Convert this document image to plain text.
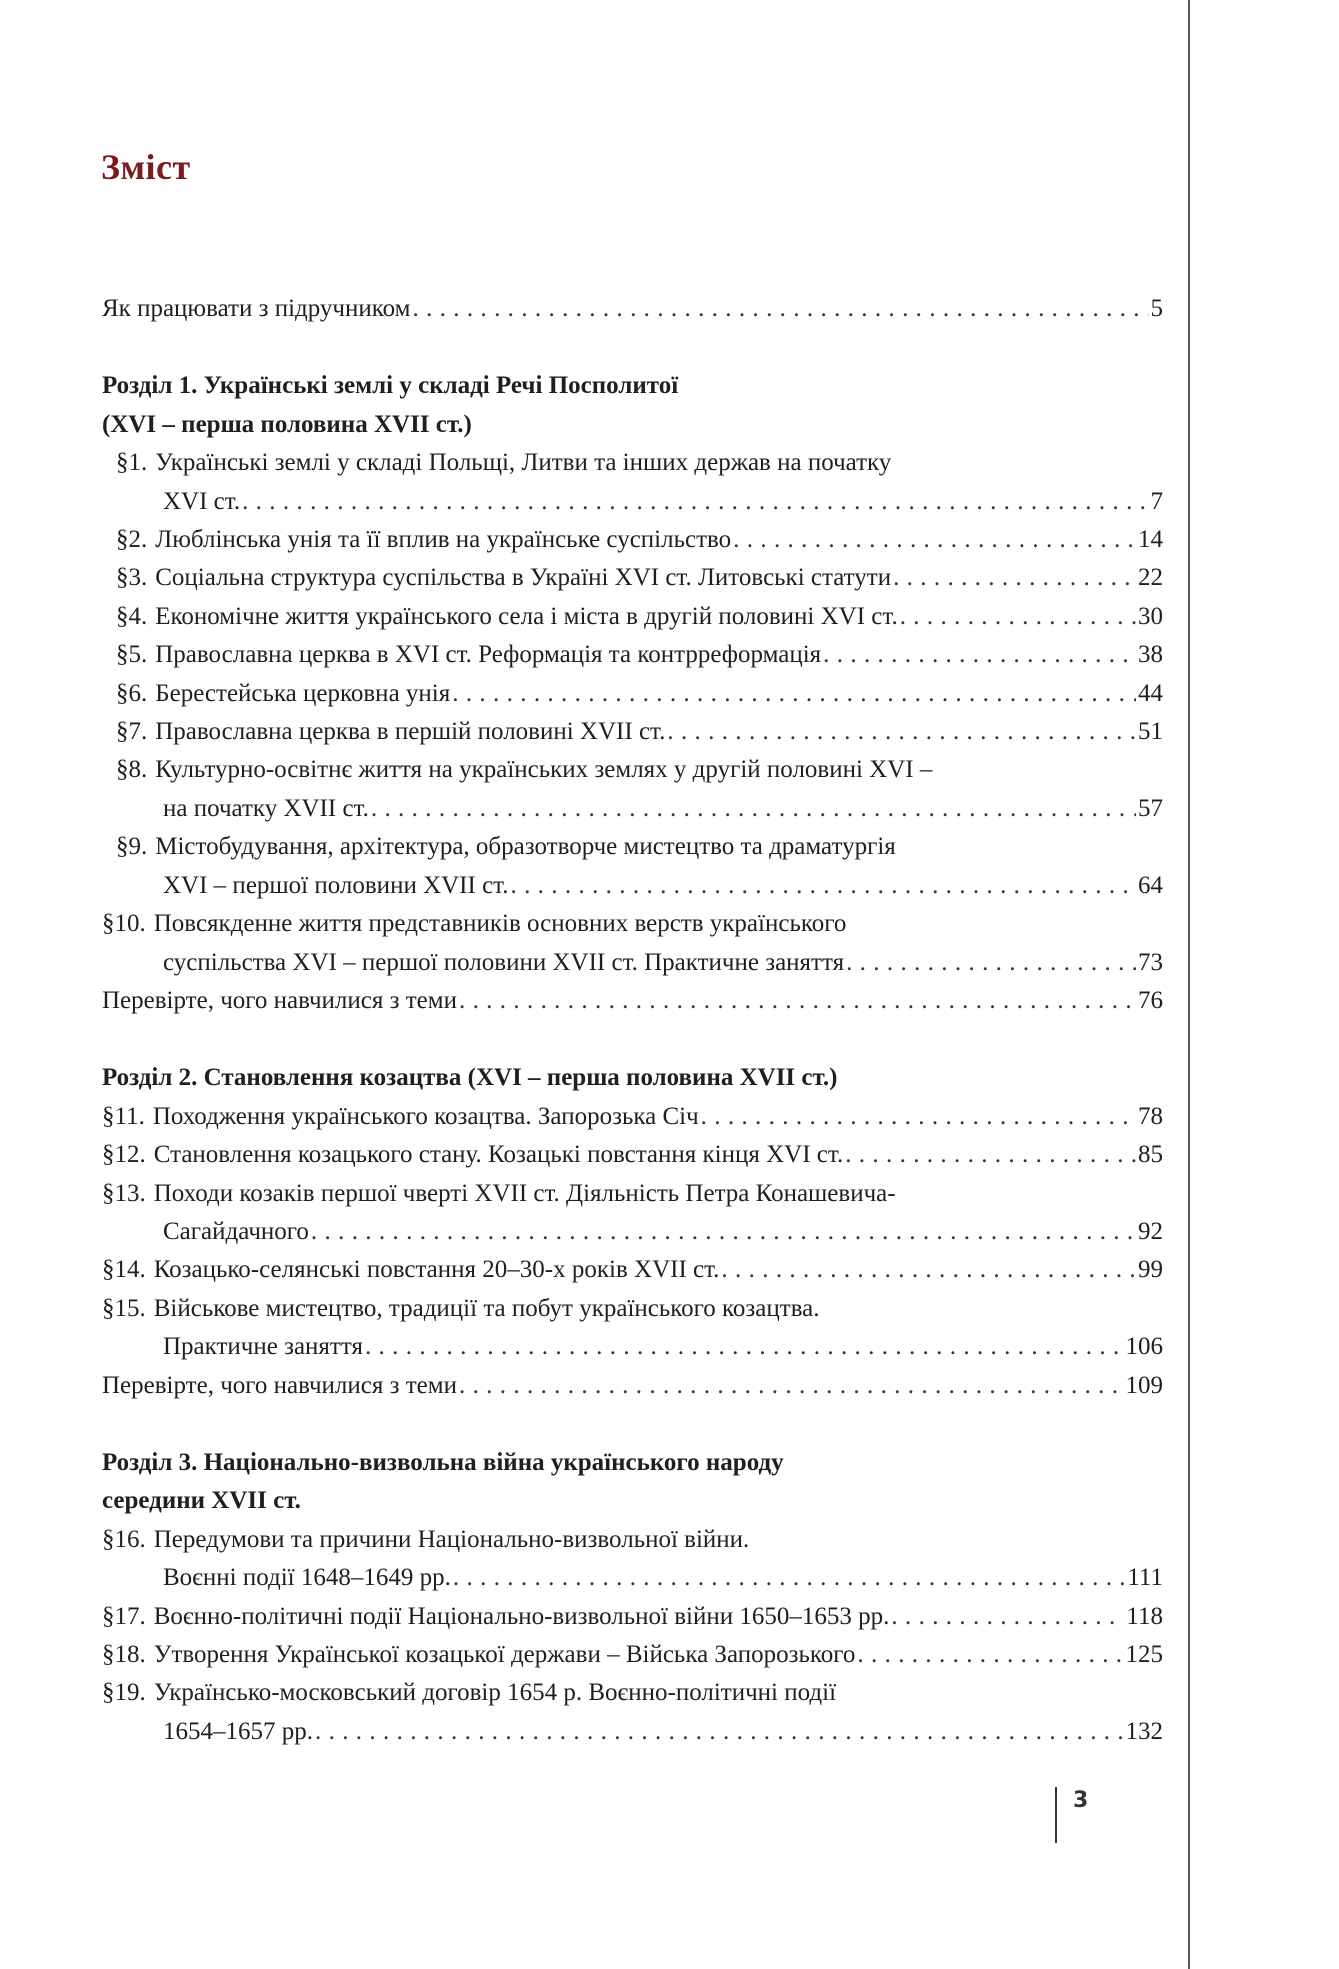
Зміст
Як працювати з підручником . . .	5
Розділ 1. Українські землі у складі Речі Посполитої
(XVI – перша половина XVII ст.)
§1. Українські землі у складі Польщі, Литви та інших держав на початку
XVI ст. . . .	7
§2. Люблінська унія та її вплив на українське суспільство . . .	14
§3. Соціальна структура суспільства в Україні XVI ст. Литовські статути . . .	22
§4. Економічне життя українського села і міста в другій половині XVI ст. . . .	30
§5. Православна церква в XVI ст. Реформація та контрреформація . . .	38
§6. Берестейська церковна унія . . .	44
§7. Православна церква в першій половині XVII ст. . . .	51
§8. Культурно-освітнє життя на українських землях у другій половині XVI –
на початку XVII ст. . . .	57
§9. Містобудування, архітектура, образотворче мистецтво та драматургія
XVI – першої половини XVII ст. . . .	64
§10. Повсякденне життя представників основних верств українського
суспільства XVI – першої половини XVII ст. Практичне заняття . . .	73
Перевірте, чого навчилися з теми . . .	76
Розділ 2. Становлення козацтва (XVI – перша половина XVII ст.)
§11. Походження українського козацтва. Запорозька Січ . . .	78
§12. Становлення козацького стану. Козацькі повстання кінця XVI ст. . . .	85
§13. Походи козаків першої чверті XVII ст. Діяльність Петра Конашевича-
Сагайдачного . . .	92
§14. Козацько-селянські повстання 20–30-х років XVII ст. . . .	99
§15. Військове мистецтво, традиції та побут українського козацтва.
Практичне заняття . . .	106
Перевірте, чого навчилися з теми . . .	109
Розділ 3. Національно-визвольна війна українського народу
середини XVII ст.
§16. Передумови та причини Національно-визвольної війни.
Воєнні події 1648–1649 рр. . . .	111
§17. Воєнно-політичні події Національно-визвольної війни 1650–1653 рр. . . .	118
§18. Утворення Української козацької держави – Війська Запорозького . . .	125
§19. Українсько-московський договір 1654 р. Воєнно-політичні події
1654–1657 рр. . . .	132
3
